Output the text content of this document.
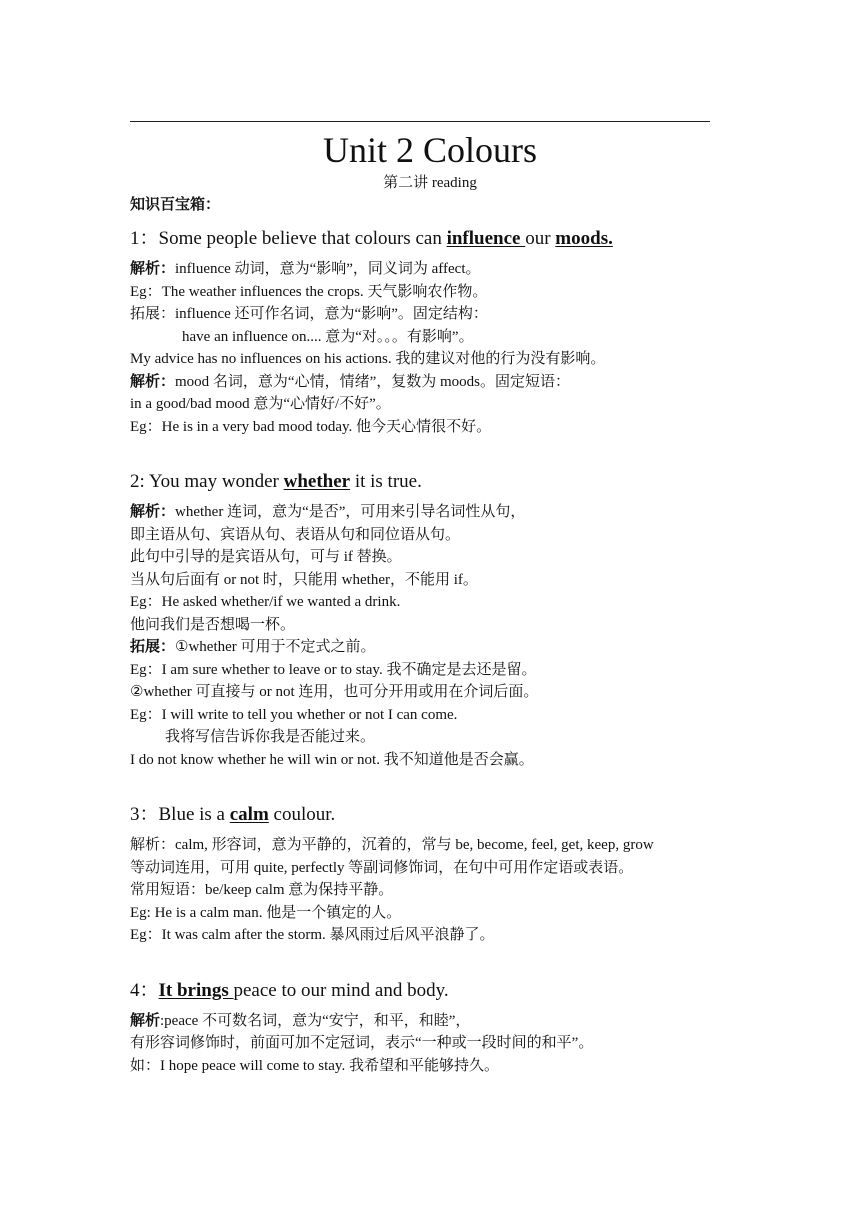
Unit 2 Colours
第二讲 reading

知识百宝箱：

1：Some people believe that colours can influence our moods.

解析：influence 动词，意为“影响”，同义词为 affect。

Eg：The weather influences the crops. 天气影响农作物。

拓展：influence 还可作名词，意为“影响”。固定结构：

have an influence on.... 意为“对。。。有影响”。

My advice has no influences on his actions. 我的建议对他的行为没有影响。

解析：mood 名词，意为“心情，情绪”，复数为 moods。固定短语：

in a good/bad mood 意为“心情好/不好”。

Eg：He is in a very bad mood today. 他今天心情很不好。

2: You may wonder whether it is true.

解析：whether 连词，意为“是否”，可用来引导名词性从句，

即主语从句、宾语从句、表语从句和同位语从句。

此句中引导的是宾语从句，可与 if 替换。

当从句后面有 or not 时，只能用 whether，不能用 if。

Eg：He asked whether/if we wanted a drink.

他问我们是否想喝一杯。

拓展：①whether 可用于不定式之前。

Eg：I am sure whether to leave or to stay. 我不确定是去还是留。

②whether 可直接与 or not 连用，也可分开用或用在介词后面。

Eg：I will write to tell you whether or not I can come.

我将写信告诉你我是否能过来。

I do not know whether he will win or not. 我不知道他是否会赢。

3：Blue is a calm coulour.

解析：calm, 形容词，意为平静的，沉着的，常与 be, become, feel, get, keep, grow

等动词连用，可用 quite, perfectly 等副词修饰词，在句中可用作定语或表语。

常用短语：be/keep calm 意为保持平静。

Eg: He is a calm man. 他是一个镇定的人。

Eg：It was calm after the storm. 暴风雨过后风平浪静了。

4：It brings peace to our mind and body.

解析:peace 不可数名词，意为“安宁，和平，和睦”，

有形容词修饰时，前面可加不定冠词，表示“一种或一段时间的和平”。

如：I hope peace will come to stay. 我希望和平能够持久。
